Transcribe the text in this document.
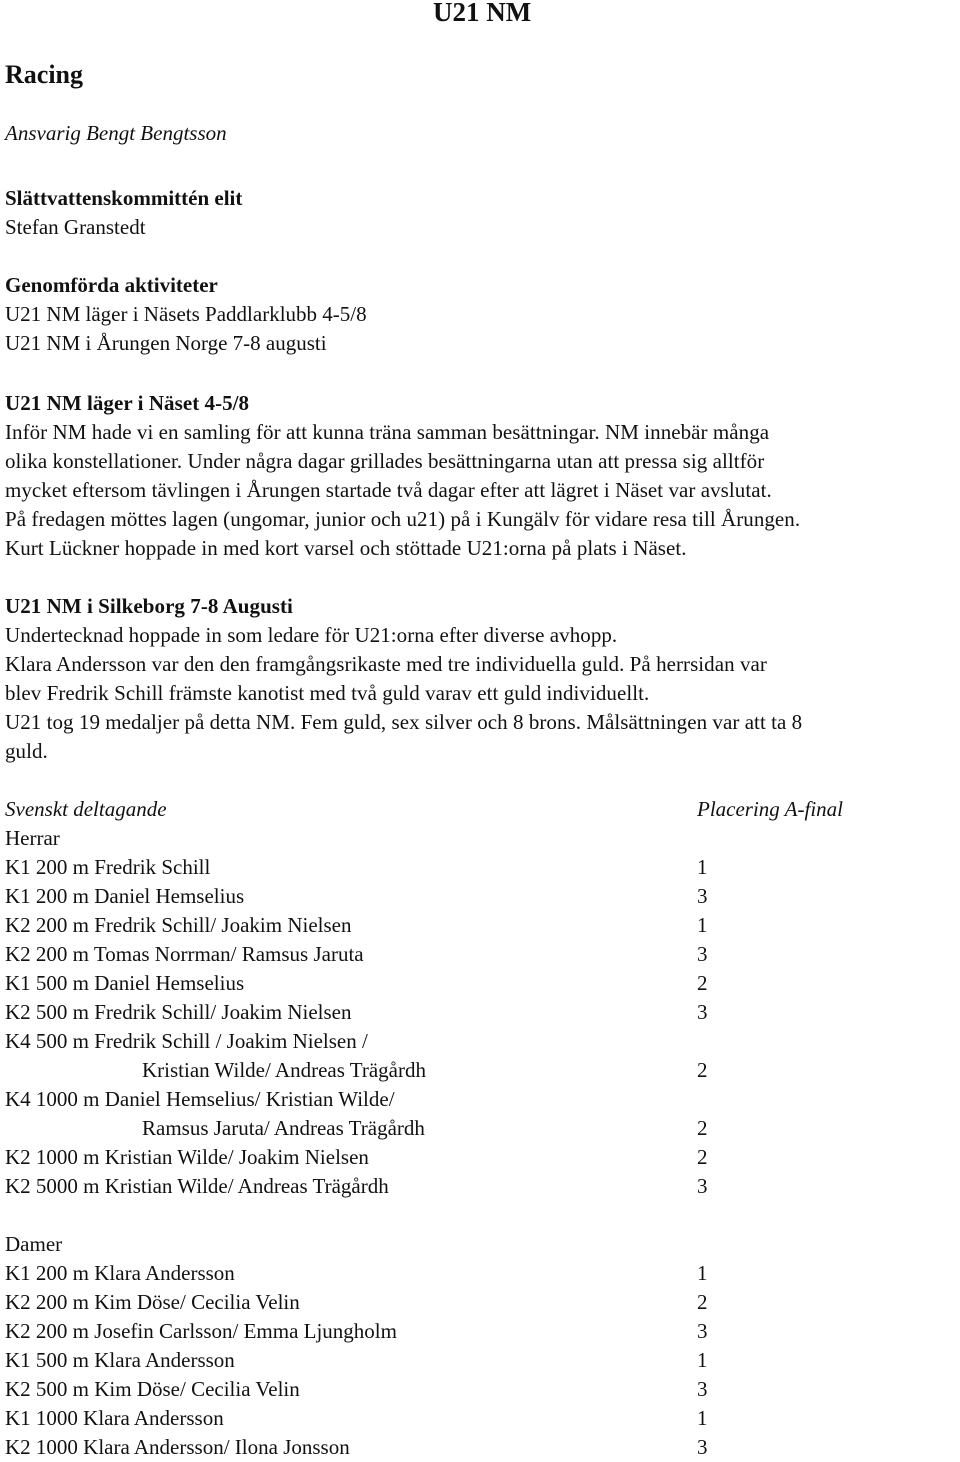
U21 NM
Racing

Ansvarig Bengt Bengtsson

Slättvattenskommittén elit

Stefan Granstedt

Genomförda aktiviteter

U21 NM läger i Näsets Paddlarklubb 4-5/8

U21 NM i Årungen Norge 7-8 augusti

U21 NM läger i Näset 4-5/8

Inför NM hade vi en samling för att kunna träna samman besättningar. NM innebär många

olika konstellationer. Under några dagar grillades besättningarna utan att pressa sig alltför

mycket eftersom tävlingen i Årungen startade två dagar efter att lägret i Näset var avslutat.

På fredagen möttes lagen (ungomar, junior och u21) på i Kungälv för vidare resa till Årungen.

Kurt Lückner hoppade in med kort varsel och stöttade U21:orna på plats i Näset.

U21 NM i Silkeborg 7-8 Augusti

Undertecknad hoppade in som ledare för U21:orna efter diverse avhopp.

Klara Andersson var den den framgångsrikaste med tre individuella guld. På herrsidan var

blev Fredrik Schill främste kanotist med två guld varav ett guld individuellt.

U21 tog 19 medaljer på detta NM. Fem guld, sex silver och 8 brons. Målsättningen var att ta 8

guld.

Svenskt deltagande	Placering A-final
Herrar
K1 200 m Fredrik Schill	1
K1 200 m Daniel Hemselius	3
K2 200 m Fredrik Schill/ Joakim Nielsen	1
K2 200 m Tomas Norrman/ Ramsus Jaruta	3
K1 500 m Daniel Hemselius	2
K2 500 m Fredrik Schill/ Joakim Nielsen	3
K4 500 m Fredrik Schill / Joakim Nielsen /
Kristian Wilde/ Andreas Trägårdh	2
K4 1000 m Daniel Hemselius/ Kristian Wilde/
Ramsus Jaruta/ Andreas Trägårdh	2
K2 1000 m Kristian Wilde/ Joakim Nielsen	2
K2 5000 m Kristian Wilde/ Andreas Trägårdh	3
Damer
K1 200 m Klara Andersson	1
K2 200 m Kim Döse/ Cecilia Velin	2
K2 200 m Josefin Carlsson/ Emma Ljungholm	3
K1 500 m Klara Andersson	1
K2 500 m Kim Döse/ Cecilia Velin	3
K1 1000 Klara Andersson	1
K2 1000 Klara Andersson/ Ilona Jonsson	3
